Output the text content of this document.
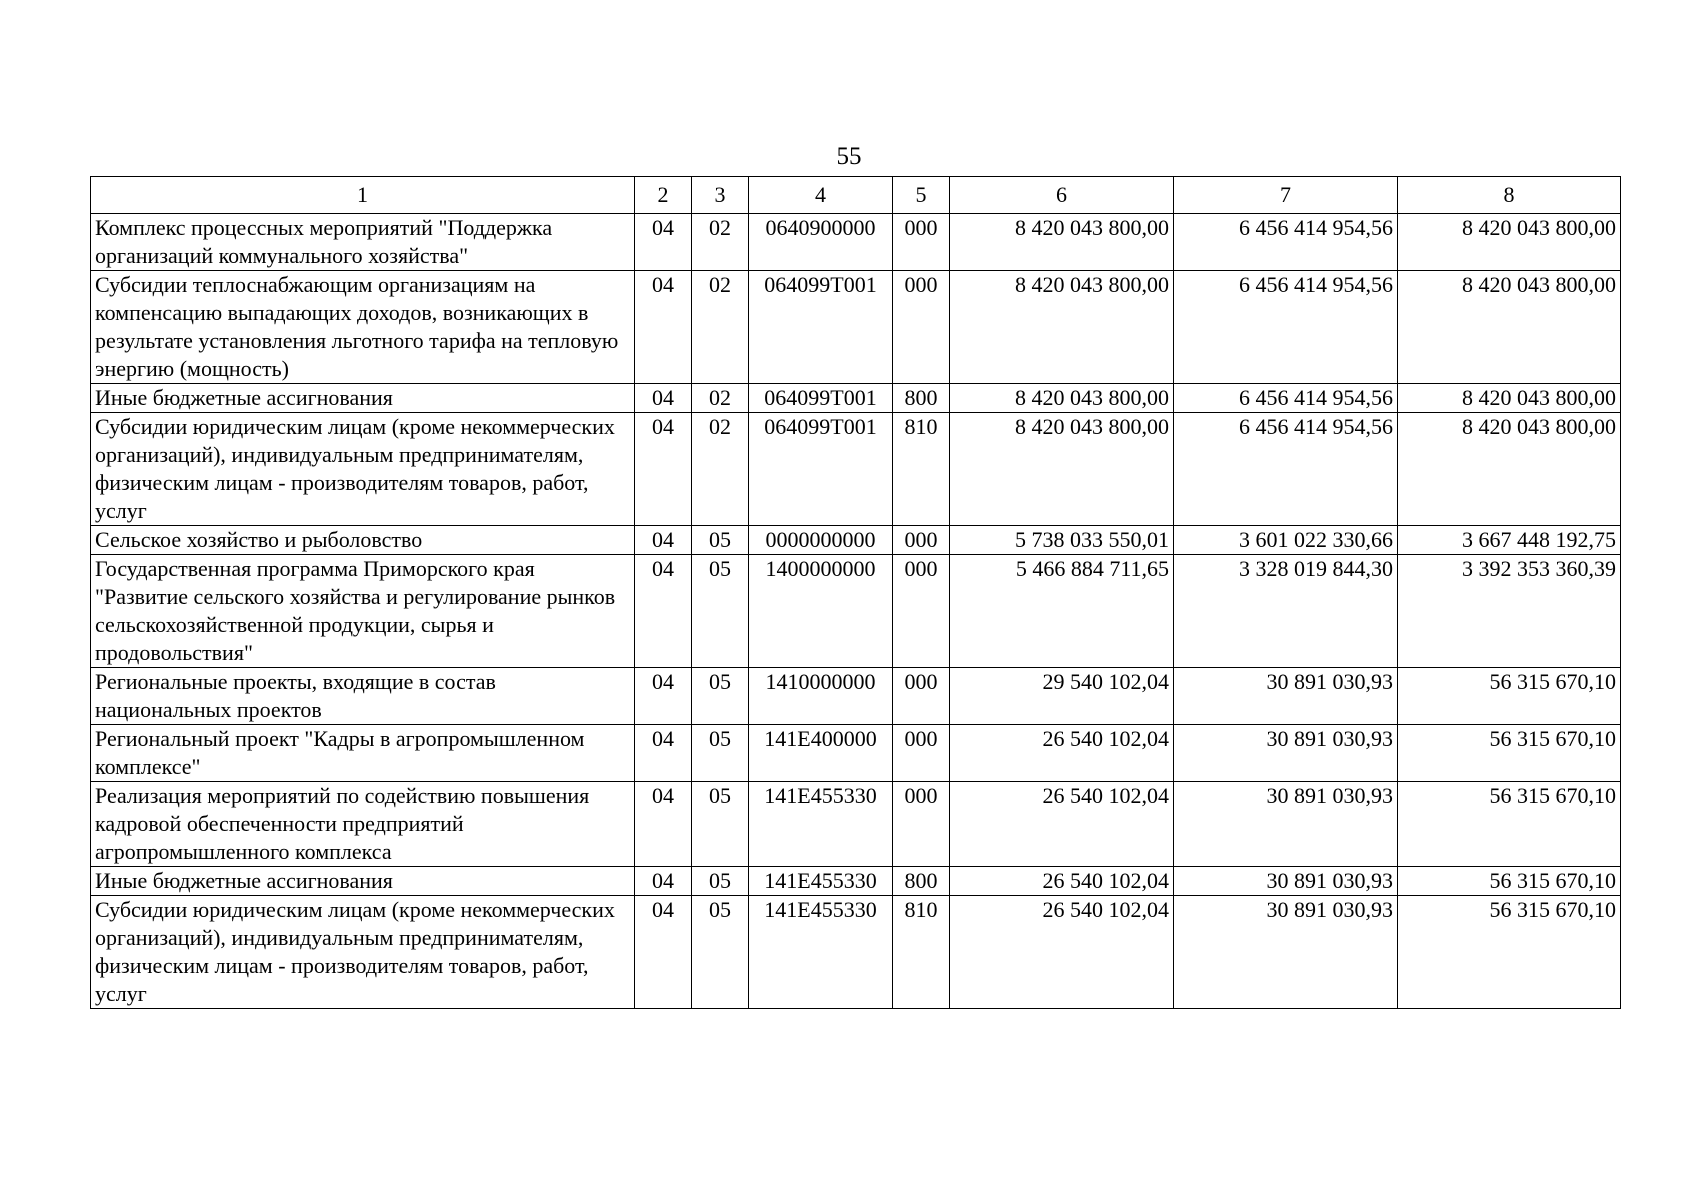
55
1	2	3	4	5	6	7	8
Комплекс процессных мероприятий "Поддержка организаций коммунального хозяйства"	04	02	0640900000	000	8 420 043 800,00	6 456 414 954,56	8 420 043 800,00
Субсидии теплоснабжающим организациям на компенсацию выпадающих доходов, возникающих в результате установления льготного тарифа на тепловую энергию (мощность)	04	02	064099Т001	000	8 420 043 800,00	6 456 414 954,56	8 420 043 800,00
Иные бюджетные ассигнования	04	02	064099Т001	800	8 420 043 800,00	6 456 414 954,56	8 420 043 800,00
Субсидии юридическим лицам (кроме некоммерческих организаций), индивидуальным предпринимателям, физическим лицам - производителям товаров, работ, услуг	04	02	064099Т001	810	8 420 043 800,00	6 456 414 954,56	8 420 043 800,00
Сельское хозяйство и рыболовство	04	05	0000000000	000	5 738 033 550,01	3 601 022 330,66	3 667 448 192,75
Государственная программа Приморского края "Развитие сельского хозяйства и регулирование рынков сельскохозяйственной продукции, сырья и продовольствия"	04	05	1400000000	000	5 466 884 711,65	3 328 019 844,30	3 392 353 360,39
Региональные проекты, входящие в состав национальных проектов	04	05	1410000000	000	29 540 102,04	30 891 030,93	56 315 670,10
Региональный проект "Кадры в агропромышленном комплексе"	04	05	141Е400000	000	26 540 102,04	30 891 030,93	56 315 670,10
Реализация мероприятий по содействию повышения кадровой обеспеченности предприятий агропромышленного комплекса	04	05	141Е455330	000	26 540 102,04	30 891 030,93	56 315 670,10
Иные бюджетные ассигнования	04	05	141Е455330	800	26 540 102,04	30 891 030,93	56 315 670,10
Субсидии юридическим лицам (кроме некоммерческих организаций), индивидуальным предпринимателям, физическим лицам - производителям товаров, работ, услуг	04	05	141Е455330	810	26 540 102,04	30 891 030,93	56 315 670,10
